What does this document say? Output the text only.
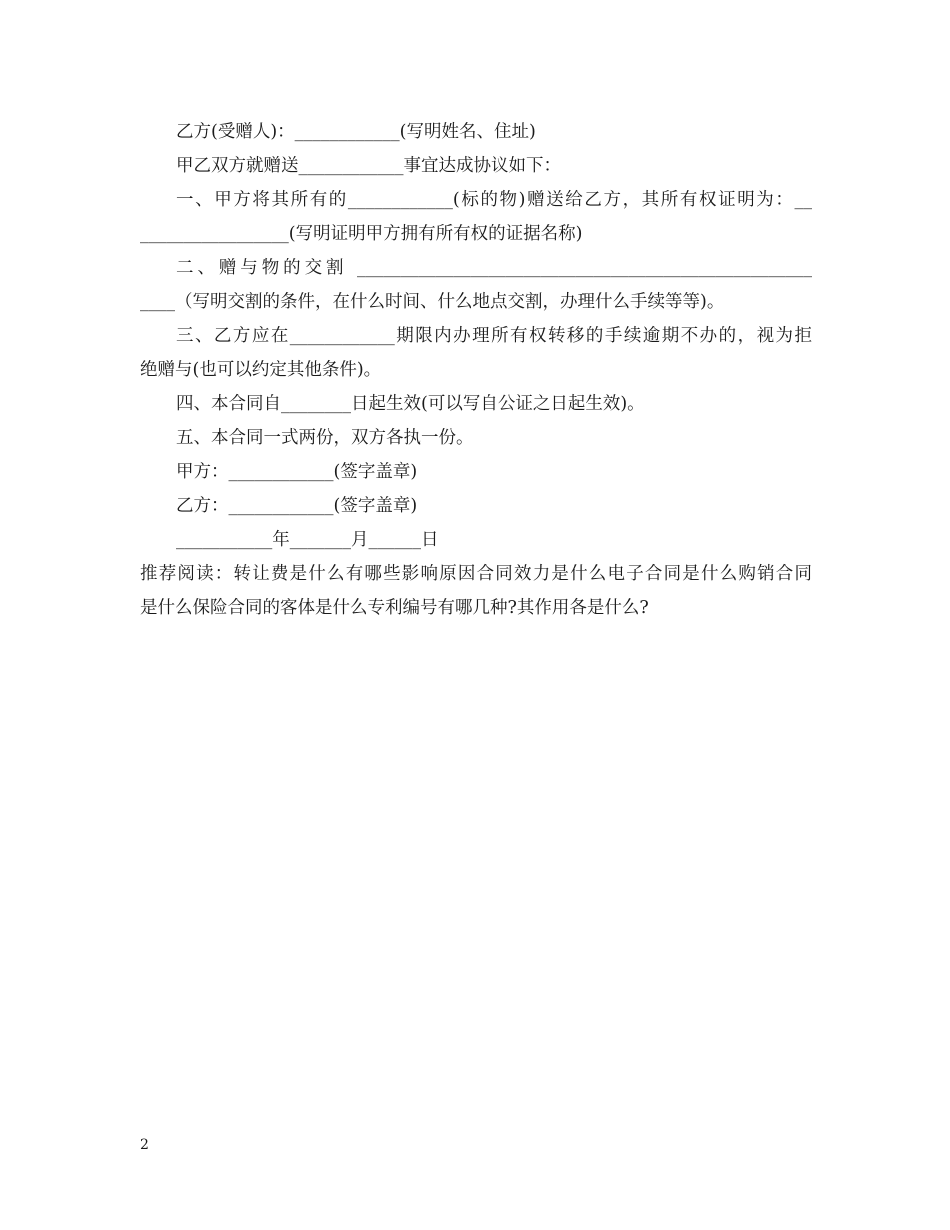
乙方(受赠人)：____________(写明姓名、住址)
甲乙双方就赠送____________事宜达成协议如下：
一、甲方将其所有的____________(标的物)赠送给乙方，其所有权证明为：__
_________________(写明证明甲方拥有所有权的证据名称)
二、赠与物的交割 ____________________________________________________
____（写明交割的条件，在什么时间、什么地点交割，办理什么手续等等)。
三、乙方应在____________期限内办理所有权转移的手续逾期不办的，视为拒
绝赠与(也可以约定其他条件)。
四、本合同自________日起生效(可以写自公证之日起生效)。
五、本合同一式两份，双方各执一份。
甲方：____________(签字盖章)
乙方：____________(签字盖章)
___________年_______月______日
推荐阅读：转让费是什么有哪些影响原因合同效力是什么电子合同是什么购销合同
是什么保险合同的客体是什么专利编号有哪几种?其作用各是什么?
2
